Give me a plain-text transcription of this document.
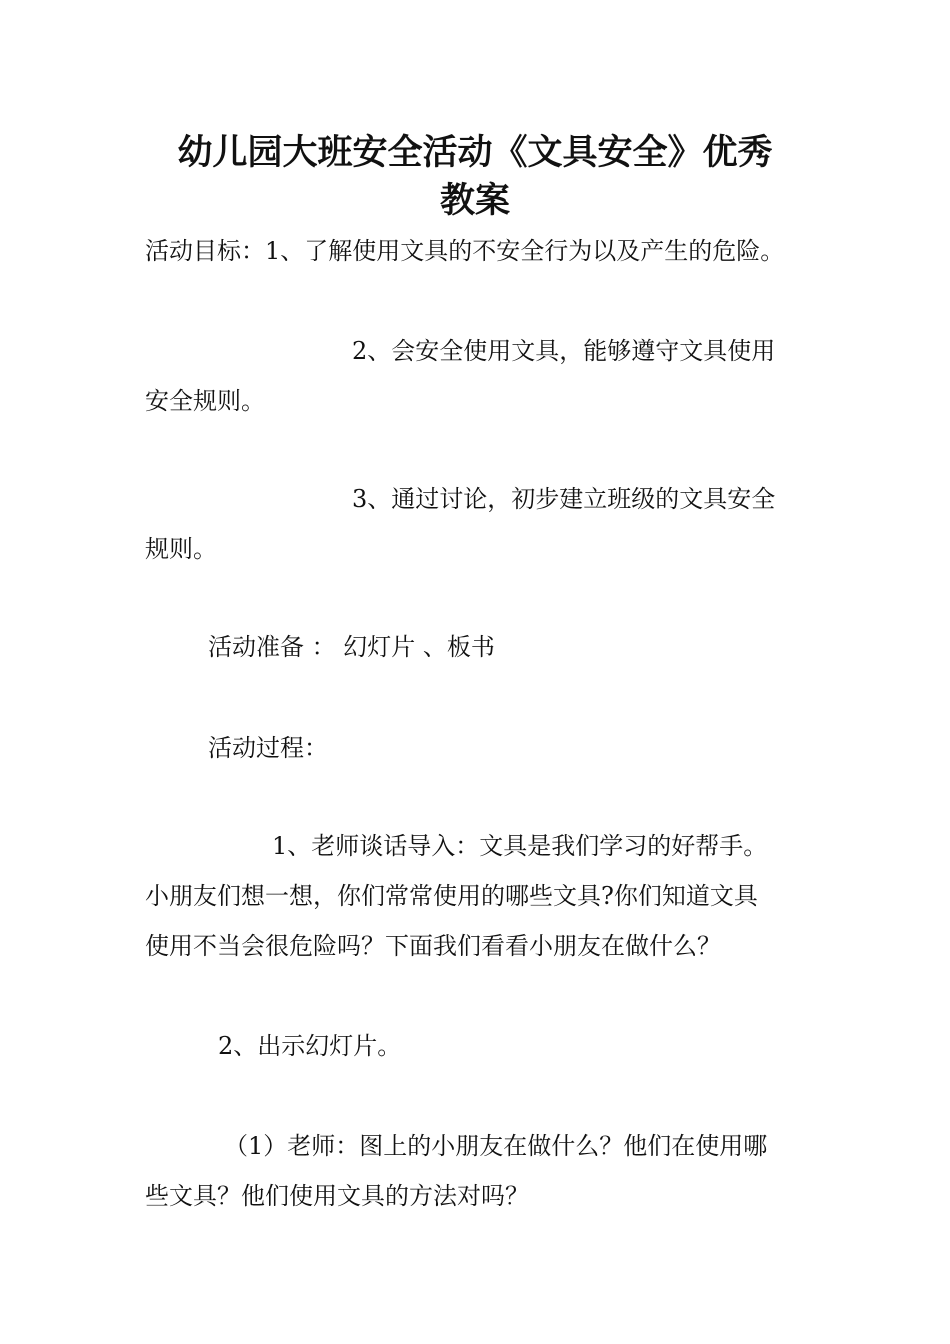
幼儿园大班安全活动《文具安全》优秀
教案

活动目标：1、了解使用文具的不安全行为以及产生的危险。

2、会安全使用文具，能够遵守文具使用

安全规则。

3、通过讨论，初步建立班级的文具安全

规则。

活动准备 ： 幻灯片 、板书

活动过程：

1、老师谈话导入：文具是我们学习的好帮手。

小朋友们想一想，你们常常使用的哪些文具?你们知道文具

使用不当会很危险吗？下面我们看看小朋友在做什么？

2、出示幻灯片。

（1）老师：图上的小朋友在做什么？他们在使用哪

些文具？他们使用文具的方法对吗？
